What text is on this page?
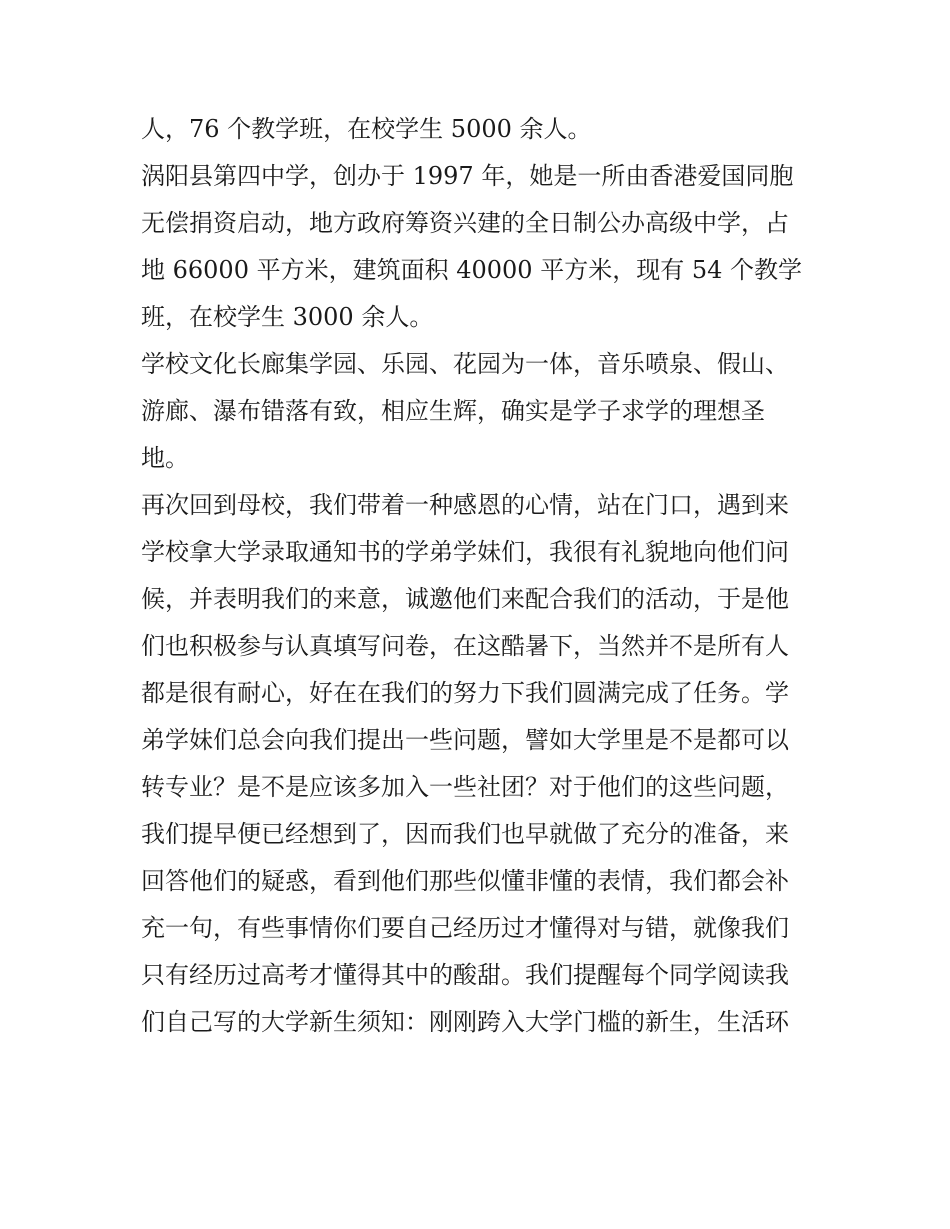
人，76 个教学班，在校学生 5000 余人。
涡阳县第四中学，创办于 1997 年，她是一所由香港爱国同胞
无偿捐资启动，地方政府筹资兴建的全日制公办高级中学，占
地 66000 平方米，建筑面积 40000 平方米，现有 54 个教学
班，在校学生 3000 余人。
学校文化长廊集学园、乐园、花园为一体，音乐喷泉、假山、
游廊、瀑布错落有致，相应生辉，确实是学子求学的理想圣
地。
再次回到母校，我们带着一种感恩的心情，站在门口，遇到来
学校拿大学录取通知书的学弟学妹们，我很有礼貌地向他们问
候，并表明我们的来意，诚邀他们来配合我们的活动，于是他
们也积极参与认真填写问卷，在这酷暑下，当然并不是所有人
都是很有耐心，好在在我们的努力下我们圆满完成了任务。学
弟学妹们总会向我们提出一些问题，譬如大学里是不是都可以
转专业？是不是应该多加入一些社团？对于他们的这些问题，
我们提早便已经想到了，因而我们也早就做了充分的准备，来
回答他们的疑惑，看到他们那些似懂非懂的表情，我们都会补
充一句，有些事情你们要自己经历过才懂得对与错，就像我们
只有经历过高考才懂得其中的酸甜。我们提醒每个同学阅读我
们自己写的大学新生须知：刚刚跨入大学门槛的新生，生活环
